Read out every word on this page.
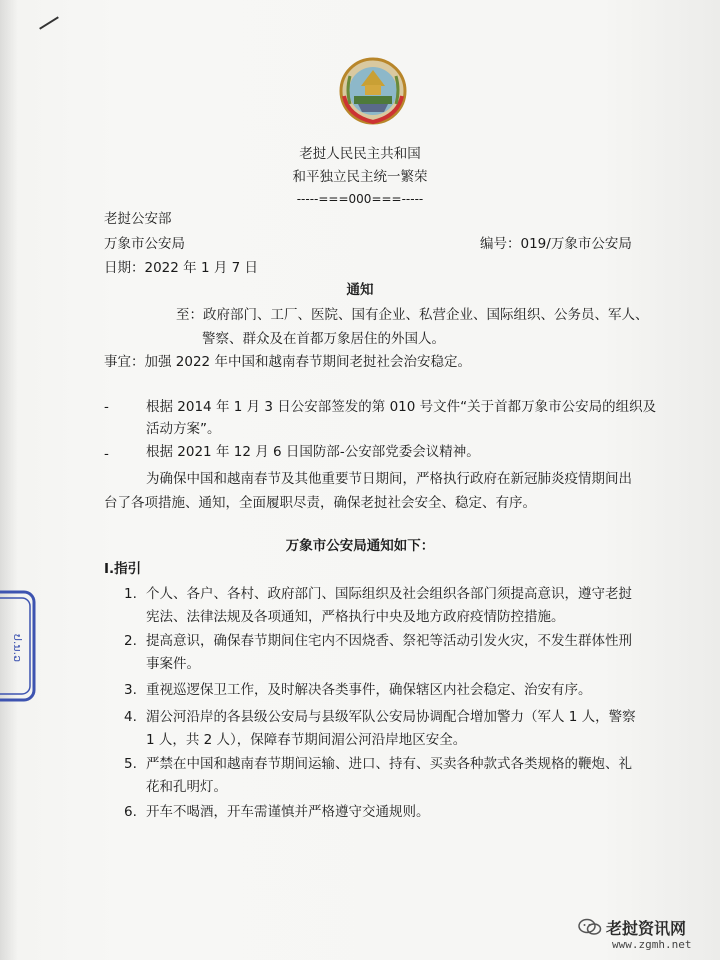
老挝人民民主共和国
和平独立民主统一繁荣
-----===000===-----
老挝公安部
万象市公安局	编号：019/万象市公安局
日期：2022 年 1 月 7 日
通知
至：政府部门、工厂、医院、国有企业、私营企业、国际组织、公务员、军人、
警察、群众及在首都万象居住的外国人。
事宜：加强 2022 年中国和越南春节期间老挝社会治安稳定。
-	根据 2014 年 1 月 3 日公安部签发的第 010 号文件“关于首都万象市公安局的组织及
活动方案”。
-	根据 2021 年 12 月 6 日国防部-公安部党委会议精神。
为确保中国和越南春节及其他重要节日期间，严格执行政府在新冠肺炎疫情期间出
台了各项措施、通知，全面履职尽责，确保老挝社会安全、稳定、有序。
万象市公安局通知如下：
I.指引
1. 个人、各户、各村、政府部门、国际组织及社会组织各部门须提高意识，遵守老挝
宪法、法律法规及各项通知，严格执行中央及地方政府疫情防控措施。
2. 提高意识，确保春节期间住宅内不因烧香、祭祀等活动引发火灾，不发生群体性刑
事案件。
3. 重视巡逻保卫工作，及时解决各类事件，确保辖区内社会稳定、治安有序。
4. 湄公河沿岸的各县级公安局与县级军队公安局协调配合增加警力（军人 1 人，警察
1 人，共 2 人），保障春节期间湄公河沿岸地区安全。
5. 严禁在中国和越南春节期间运输、进口、持有、买卖各种款式各类规格的鞭炮、礼
花和孔明灯。
6. 开车不喝酒，开车需谨慎并严格遵守交通规则。
ປ.ນ.ວ
老挝资讯网
www.zgmh.net
